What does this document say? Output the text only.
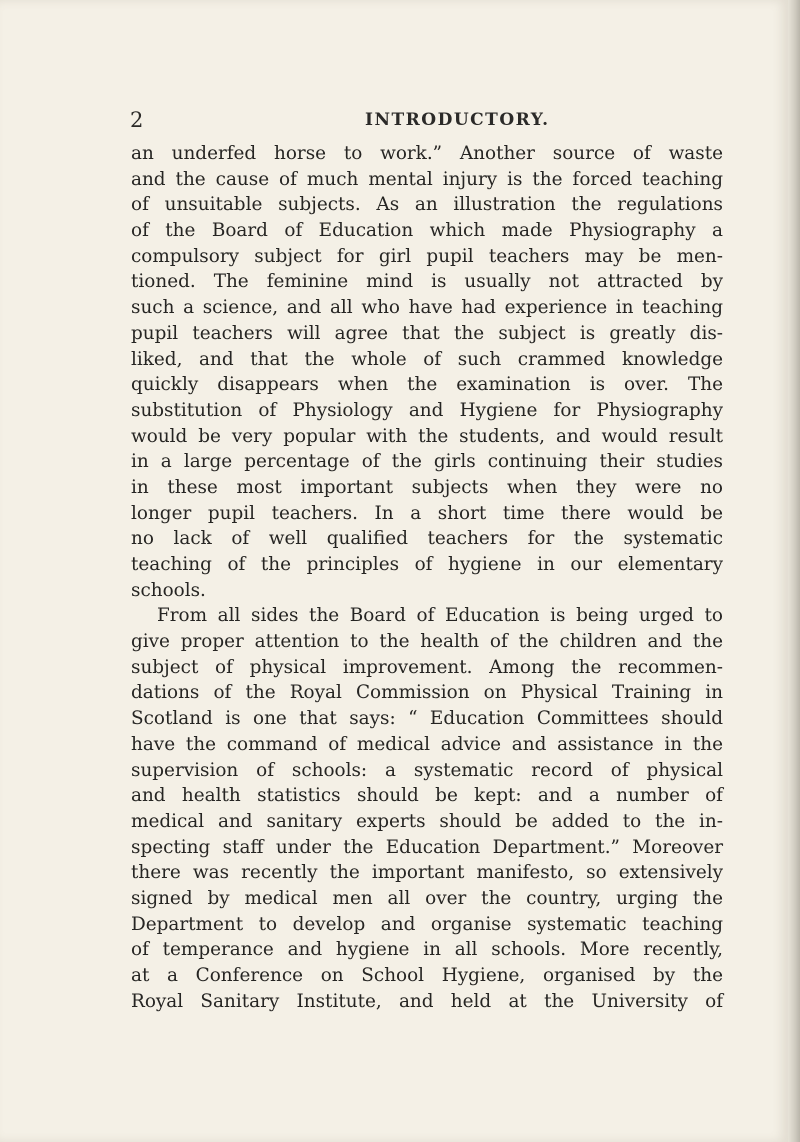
2	INTRODUCTORY.
an underfed horse to work.” Another source of waste
and the cause of much mental injury is the forced teaching
of unsuitable subjects. As an illustration the regulations
of the Board of Education which made Physiography a
compulsory subject for girl pupil teachers may be men-
tioned. The feminine mind is usually not attracted by
such a science, and all who have had experience in teaching
pupil teachers will agree that the subject is greatly dis-
liked, and that the whole of such crammed knowledge
quickly disappears when the examination is over. The
substitution of Physiology and Hygiene for Physiography
would be very popular with the students, and would result
in a large percentage of the girls continuing their studies
in these most important subjects when they were no
longer pupil teachers. In a short time there would be
no lack of well qualified teachers for the systematic
teaching of the principles of hygiene in our elementary
schools.
From all sides the Board of Education is being urged to
give proper attention to the health of the children and the
subject of physical improvement. Among the recommen-
dations of the Royal Commission on Physical Training in
Scotland is one that says: “ Education Committees should
have the command of medical advice and assistance in the
supervision of schools: a systematic record of physical
and health statistics should be kept: and a number of
medical and sanitary experts should be added to the in-
specting staff under the Education Department.” Moreover
there was recently the important manifesto, so extensively
signed by medical men all over the country, urging the
Department to develop and organise systematic teaching
of temperance and hygiene in all schools. More recently,
at a Conference on School Hygiene, organised by the
Royal Sanitary Institute, and held at the University of
